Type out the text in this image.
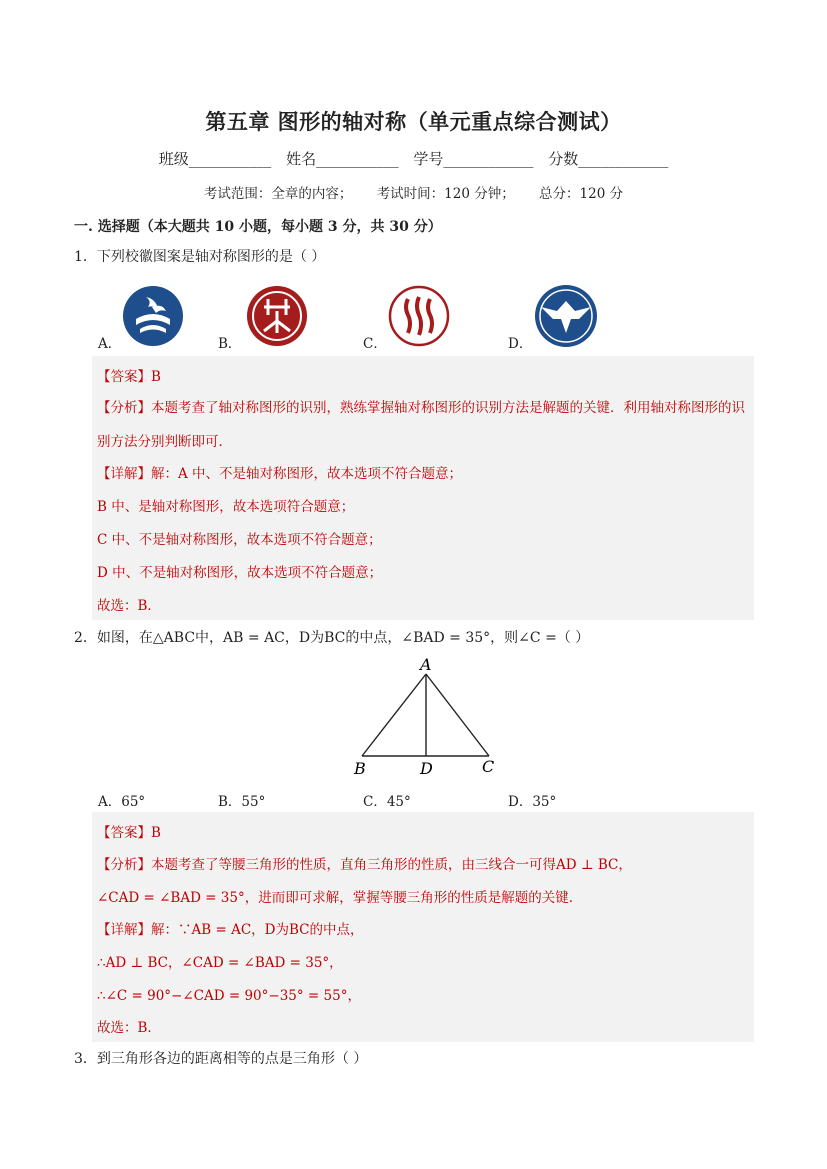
第五章 图形的轴对称（单元重点综合测试）
班级___________ 姓名___________ 学号____________ 分数____________
考试范围：全章的内容； 考试时间：120 分钟； 总分：120 分
一. 选择题（本大题共 10 小题，每小题 3 分，共 30 分）
1．下列校徽图案是轴对称图形的是（ ）
A．	B．	C．	D．
【答案】B
【分析】本题考查了轴对称图形的识别，熟练掌握轴对称图形的识别方法是解题的关键．利用轴对称图形的识别方法分别判断即可．
【详解】解：A 中、不是轴对称图形，故本选项不符合题意；
B 中、是轴对称图形，故本选项符合题意；
C 中、不是轴对称图形，故本选项不符合题意；
D 中、不是轴对称图形，故本选项不符合题意；
故选：B．
2．如图，在△ABC中，AB = AC，D为BC的中点，∠BAD = 35°，则∠C =（ ）
A
B	D	C
A．65°	B．55°	C．45°	D．35°
【答案】B
【分析】本题考查了等腰三角形的性质，直角三角形的性质，由三线合一可得AD ⊥ BC，
∠CAD = ∠BAD = 35°，进而即可求解，掌握等腰三角形的性质是解题的关键．
【详解】解：∵AB = AC，D为BC的中点，
∴AD ⊥ BC，∠CAD = ∠BAD = 35°，
∴∠C = 90°−∠CAD = 90°−35° = 55°，
故选：B．
3．到三角形各边的距离相等的点是三角形（ ）
